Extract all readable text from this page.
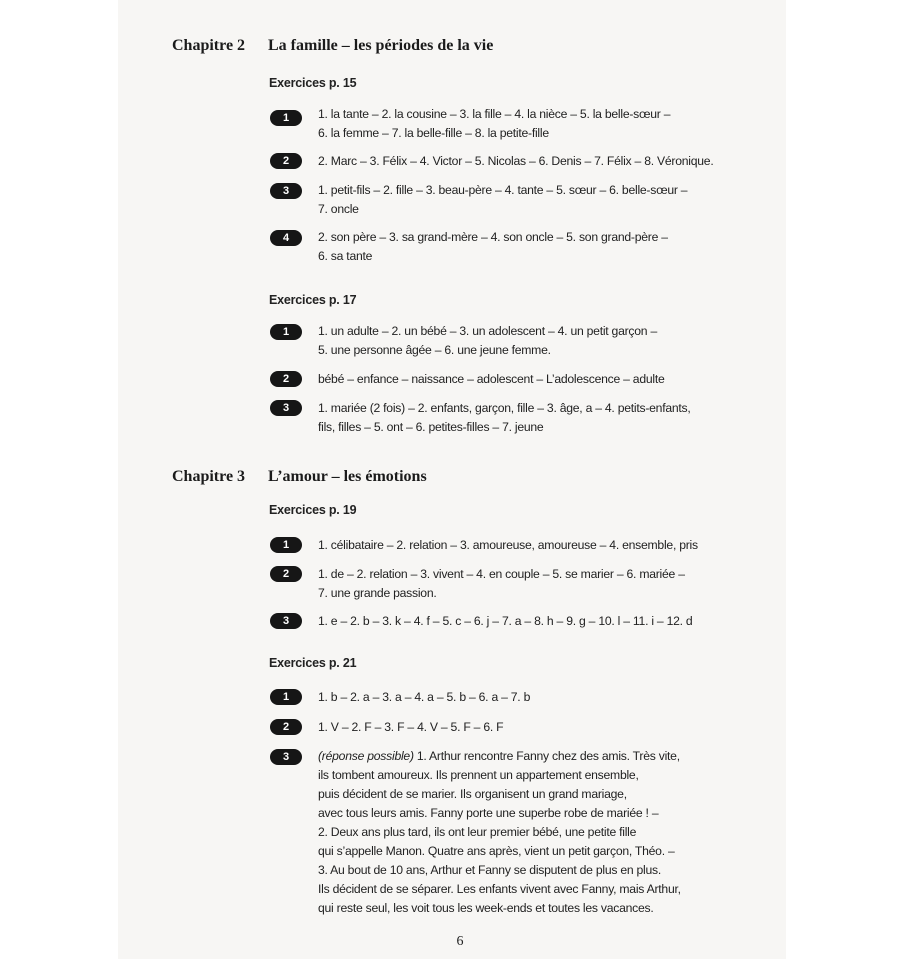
Chapitre 2 La famille – les périodes de la vie
Exercices p. 15
1	1. la tante – 2. la cousine – 3. la fille – 4. la nièce – 5. la belle-sœur –
6. la femme – 7. la belle-fille – 8. la petite-fille
2	2. Marc – 3. Félix – 4. Victor – 5. Nicolas – 6. Denis – 7. Félix – 8. Véronique.
3	1. petit-fils – 2. fille – 3. beau-père – 4. tante – 5. sœur – 6. belle-sœur –
7. oncle
4	2. son père – 3. sa grand-mère – 4. son oncle – 5. son grand-père –
6. sa tante
Exercices p. 17
1	1. un adulte – 2. un bébé – 3. un adolescent – 4. un petit garçon –
5. une personne âgée – 6. une jeune femme.
2	bébé – enfance – naissance – adolescent – L’adolescence – adulte
3	1. mariée (2 fois) – 2. enfants, garçon, fille – 3. âge, a – 4. petits-enfants,
fils, filles – 5. ont – 6. petites-filles – 7. jeune
Chapitre 3 L’amour – les émotions
Exercices p. 19
1	1. célibataire – 2. relation – 3. amoureuse, amoureuse – 4. ensemble, pris
2	1. de – 2. relation – 3. vivent – 4. en couple – 5. se marier – 6. mariée –
7. une grande passion.
3	1. e – 2. b – 3. k – 4. f – 5. c – 6. j – 7. a – 8. h – 9. g – 10. l – 11. i – 12. d
Exercices p. 21
1	1. b – 2. a – 3. a – 4. a – 5. b – 6. a – 7. b
2	1. V – 2. F – 3. F – 4. V – 5. F – 6. F
3	(réponse possible) 1. Arthur rencontre Fanny chez des amis. Très vite,
ils tombent amoureux. Ils prennent un appartement ensemble,
puis décident de se marier. Ils organisent un grand mariage,
avec tous leurs amis. Fanny porte une superbe robe de mariée ! –
2. Deux ans plus tard, ils ont leur premier bébé, une petite fille
qui s’appelle Manon. Quatre ans après, vient un petit garçon, Théo. –
3. Au bout de 10 ans, Arthur et Fanny se disputent de plus en plus.
Ils décident de se séparer. Les enfants vivent avec Fanny, mais Arthur,
qui reste seul, les voit tous les week-ends et toutes les vacances.
6
